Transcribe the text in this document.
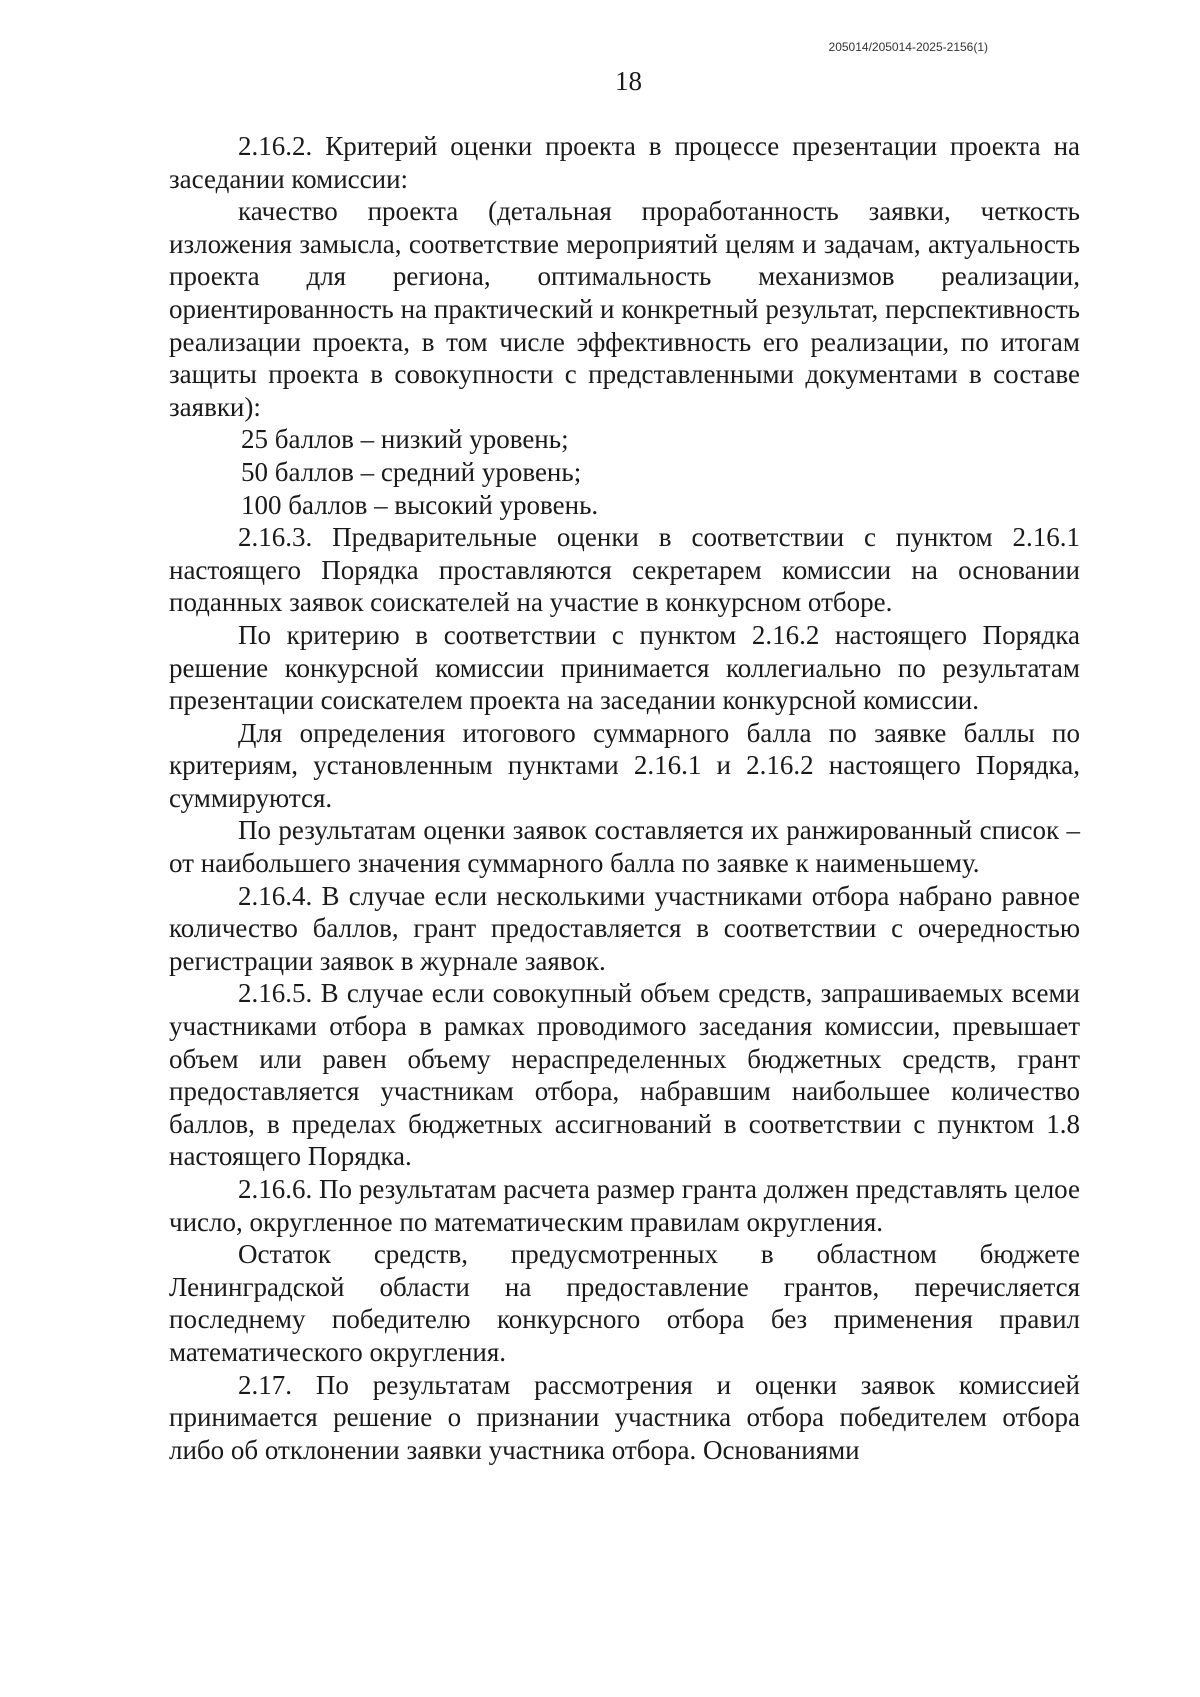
205014/205014-2025-2156(1)
18

2.16.2. Критерий оценки проекта в процессе презентации проекта на заседании комиссии:

качество проекта (детальная проработанность заявки, четкость изложения замысла, соответствие мероприятий целям и задачам, актуальность проекта для региона, оптимальность механизмов реализации, ориентированность на практический и конкретный результат, перспективность реализации проекта, в том числе эффективность его реализации, по итогам защиты проекта в совокупности с представленными документами в составе заявки):

25 баллов – низкий уровень;

50 баллов – средний уровень;

100 баллов – высокий уровень.

2.16.3. Предварительные оценки в соответствии с пунктом 2.16.1 настоящего Порядка проставляются секретарем комиссии на основании поданных заявок соискателей на участие в конкурсном отборе.

По критерию в соответствии с пунктом 2.16.2 настоящего Порядка решение конкурсной комиссии принимается коллегиально по результатам презентации соискателем проекта на заседании конкурсной комиссии.

Для определения итогового суммарного балла по заявке баллы по критериям, установленным пунктами 2.16.1 и 2.16.2 настоящего Порядка, суммируются.

По результатам оценки заявок составляется их ранжированный список – от наибольшего значения суммарного балла по заявке к наименьшему.

2.16.4. В случае если несколькими участниками отбора набрано равное количество баллов, грант предоставляется в соответствии с очередностью регистрации заявок в журнале заявок.

2.16.5. В случае если совокупный объем средств, запрашиваемых всеми участниками отбора в рамках проводимого заседания комиссии, превышает объем или равен объему нераспределенных бюджетных средств, грант предоставляется участникам отбора, набравшим наибольшее количество баллов, в пределах бюджетных ассигнований в соответствии с пунктом 1.8 настоящего Порядка.

2.16.6. По результатам расчета размер гранта должен представлять целое число, округленное по математическим правилам округления.

Остаток средств, предусмотренных в областном бюджете Ленинградской области на предоставление грантов, перечисляется последнему победителю конкурсного отбора без применения правил математического округления.

2.17. По результатам рассмотрения и оценки заявок комиссией принимается решение о признании участника отбора победителем отбора либо об отклонении заявки участника отбора. Основаниями
